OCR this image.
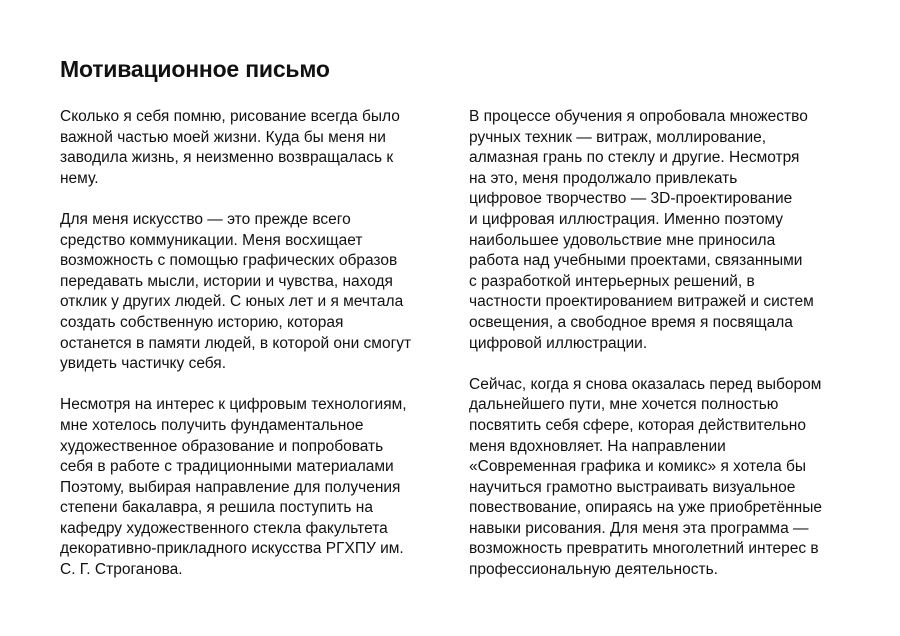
Мотивационное письмо

Сколько я себя помню, рисование всегда было
важной частью моей жизни. Куда бы меня ни
заводила жизнь, я неизменно возвращалась к
нему.

Для меня искусство — это прежде всего
средство коммуникации. Меня восхищает
возможность с помощью графических образов
передавать мысли, истории и чувства, находя
отклик у других людей. С юных лет и я мечтала
создать собственную историю, которая
останется в памяти людей, в которой они смогут
увидеть частичку себя.

Несмотря на интерес к цифровым технологиям,
мне хотелось получить фундаментальное
художественное образование и попробовать
себя в работе с традиционными материалами
Поэтому, выбирая направление для получения
степени бакалавра, я решила поступить на
кафедру художественного стекла факультета
декоративно-прикладного искусства РГХПУ им.
С. Г. Строганова.

В процессе обучения я опробовала множество
ручных техник — витраж, моллирование,
алмазная грань по стеклу и другие. Несмотря
на это, меня продолжало привлекать
цифровое творчество — 3D-проектирование
и цифровая иллюстрация. Именно поэтому
наибольшее удовольствие мне приносила
работа над учебными проектами, связанными
с разработкой интерьерных решений, в
частности проектированием витражей и систем
освещения, а свободное время я посвящала
цифровой иллюстрации.

Сейчас, когда я снова оказалась перед выбором
дальнейшего пути, мне хочется полностью
посвятить себя сфере, которая действительно
меня вдохновляет. На направлении
«Современная графика и комикс» я хотела бы
научиться грамотно выстраивать визуальное
повествование, опираясь на уже приобретённые
навыки рисования. Для меня эта программа —
возможность превратить многолетний интерес в
профессиональную деятельность.
